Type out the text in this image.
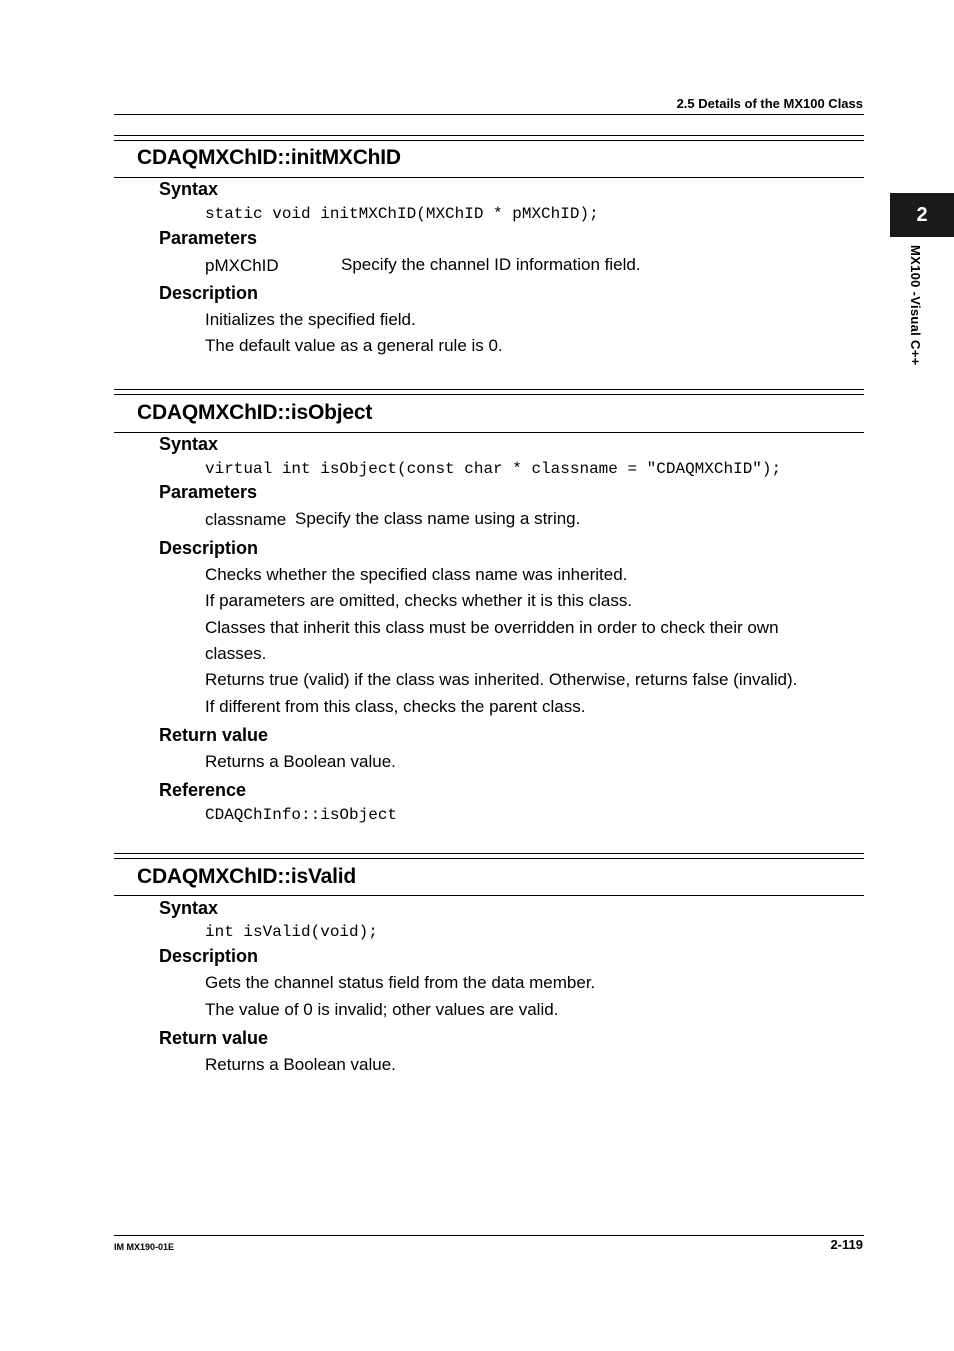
2.5 Details of the MX100 Class
2
MX100 -Visual C++
CDAQMXChID::initMXChID
Syntax
static void initMXChID(MXChID * pMXChID);
Parameters
pMXChID	Specify the channel ID information field.
Description
Initializes the specified field.
The default value as a general rule is 0.
CDAQMXChID::isObject
Syntax
virtual int isObject(const char * classname = "CDAQMXChID");
Parameters
classname Specify the class name using a string.
Description
Checks whether the specified class name was inherited.
If parameters are omitted, checks whether it is this class.
Classes that inherit this class must be overridden in order to check their own
classes.
Returns true (valid) if the class was inherited. Otherwise, returns false (invalid).
If different from this class, checks the parent class.
Return value
Returns a Boolean value.
Reference
CDAQChInfo::isObject
CDAQMXChID::isValid
Syntax
int isValid(void);
Description
Gets the channel status field from the data member.
The value of 0 is invalid; other values are valid.
Return value
Returns a Boolean value.
IM MX190-01E	2-119
